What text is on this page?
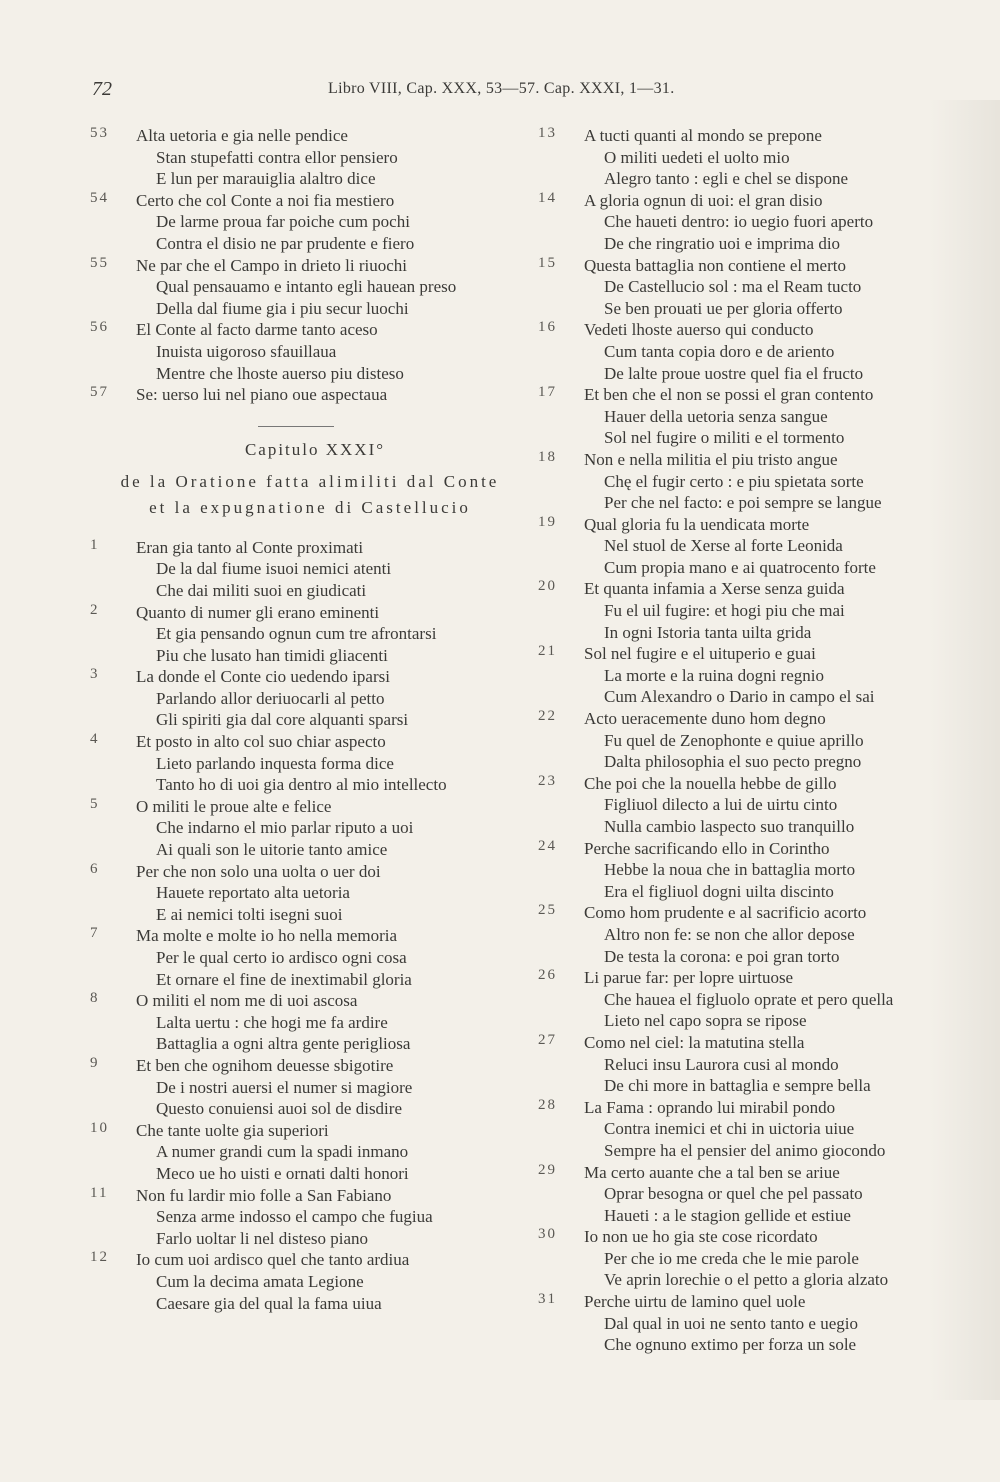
72	Libro VIII, Cap. XXX, 53—57. Cap. XXXI, 1—31.
53	Alta uetoria e gia nelle pendice
Stan stupefatti contra ellor pensiero
E lun per marauiglia alaltro dice
54	Certo che col Conte a noi fia mestiero
De larme proua far poiche cum pochi
Contra el disio ne par prudente e fiero
55	Ne par che el Campo in drieto li riuochi
Qual pensauamo e intanto egli hauean preso
Della dal fiume gia i piu secur luochi
56	El Conte al facto darme tanto aceso
Inuista uigoroso sfauillaua
Mentre che lhoste auerso piu disteso
57	Se: uerso lui nel piano oue aspectaua
Capitulo XXXI°
de la Oratione fatta alimiliti dal Conte
et la expugnatione di Castellucio
1	Eran gia tanto al Conte proximati
De la dal fiume isuoi nemici atenti
Che dai militi suoi en giudicati
2	Quanto di numer gli erano eminenti
Et gia pensando ognun cum tre afrontarsi
Piu che lusato han timidi gliacenti
3	La donde el Conte cio uedendo iparsi
Parlando allor deriuocarli al petto
Gli spiriti gia dal core alquanti sparsi
4	Et posto in alto col suo chiar aspecto
Lieto parlando inquesta forma dice
Tanto ho di uoi gia dentro al mio intellecto
5	O militi le proue alte e felice
Che indarno el mio parlar riputo a uoi
Ai quali son le uitorie tanto amice
6	Per che non solo una uolta o uer doi
Hauete reportato alta uetoria
E ai nemici tolti isegni suoi
7	Ma molte e molte io ho nella memoria
Per le qual certo io ardisco ogni cosa
Et ornare el fine de inextimabil gloria
8	O militi el nom me di uoi ascosa
Lalta uertu : che hogi me fa ardire
Battaglia a ogni altra gente perigliosa
9	Et ben che ognihom deuesse sbigotire
De i nostri auersi el numer si magiore
Questo conuiensi auoi sol de disdire
10	Che tante uolte gia superiori
A numer grandi cum la spadi inmano
Meco ue ho uisti e ornati dalti honori
11	Non fu lardir mio folle a San Fabiano
Senza arme indosso el campo che fugiua
Farlo uoltar li nel disteso piano
12	Io cum uoi ardisco quel che tanto ardiua
Cum la decima amata Legione
Caesare gia del qual la fama uiua
13	A tucti quanti al mondo se prepone
O militi uedeti el uolto mio
Alegro tanto : egli e chel se dispone
14	A gloria ognun di uoi: el gran disio
Che haueti dentro: io uegio fuori aperto
De che ringratio uoi e imprima dio
15	Questa battaglia non contiene el merto
De Castellucio sol : ma el Ream tucto
Se ben prouati ue per gloria offerto
16	Vedeti lhoste auerso qui conducto
Cum tanta copia doro e de ariento
De lalte proue uostre quel fia el fructo
17	Et ben che el non se possi el gran contento
Hauer della uetoria senza sangue
Sol nel fugire o militi e el tormento
18	Non e nella militia el piu tristo angue
Chę el fugir certo : e piu spietata sorte
Per che nel facto: e poi sempre se langue
19	Qual gloria fu la uendicata morte
Nel stuol de Xerse al forte Leonida
Cum propia mano e ai quatrocento forte
20	Et quanta infamia a Xerse senza guida
Fu el uil fugire: et hogi piu che mai
In ogni Istoria tanta uilta grida
21	Sol nel fugire e el uituperio e guai
La morte e la ruina dogni regnio
Cum Alexandro o Dario in campo el sai
22	Acto ueracemente duno hom degno
Fu quel de Zenophonte e quiue aprillo
Dalta philosophia el suo pecto pregno
23	Che poi che la nouella hebbe de gillo
Figliuol dilecto a lui de uirtu cinto
Nulla cambio laspecto suo tranquillo
24	Perche sacrificando ello in Corintho
Hebbe la noua che in battaglia morto
Era el figliuol dogni uilta discinto
25	Como hom prudente e al sacrificio acorto
Altro non fe: se non che allor depose
De testa la corona: e poi gran torto
26	Li parue far: per lopre uirtuose
Che hauea el figluolo oprate et pero quella
Lieto nel capo sopra se ripose
27	Como nel ciel: la matutina stella
Reluci insu Laurora cusi al mondo
De chi more in battaglia e sempre bella
28	La Fama : oprando lui mirabil pondo
Contra inemici et chi in uictoria uiue
Sempre ha el pensier del animo giocondo
29	Ma certo auante che a tal ben se ariue
Oprar besogna or quel che pel passato
Haueti : a le stagion gellide et estiue
30	Io non ue ho gia ste cose ricordato
Per che io me creda che le mie parole
Ve aprin lorechie o el petto a gloria alzato
31	Perche uirtu de lamino quel uole
Dal qual in uoi ne sento tanto e uegio
Che ognuno extimo per forza un sole
